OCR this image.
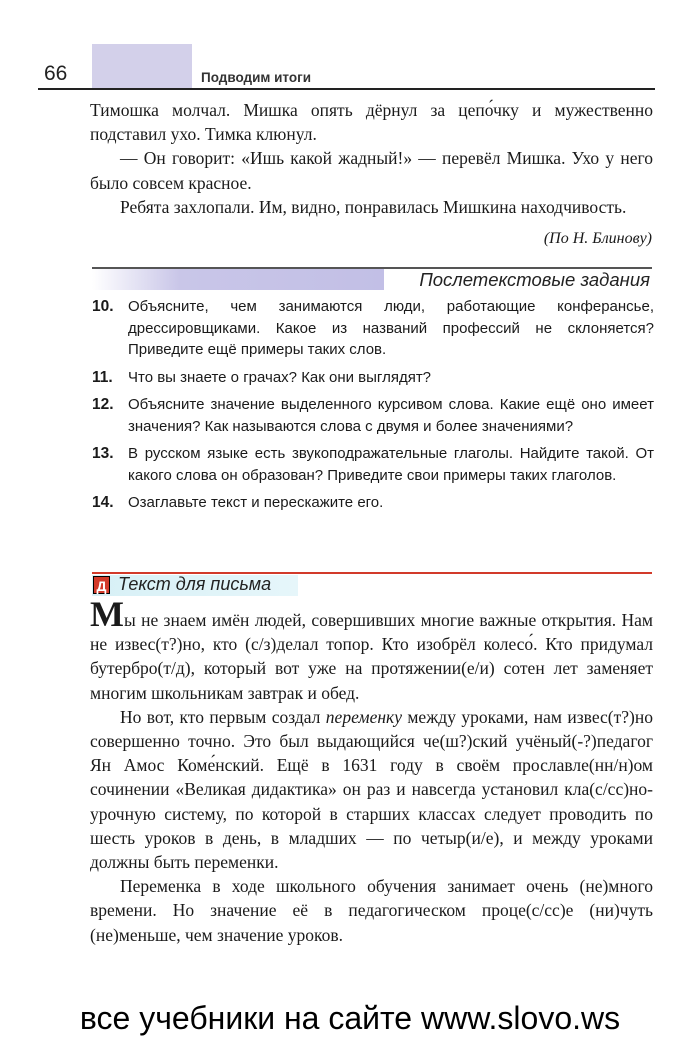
66	Подводим итоги

Тимошка молчал. Мишка опять дёрнул за цепо́чку и мужественно подставил ухо. Тимка клюнул.

— Он говорит: «Ишь какой жадный!» — перевёл Мишка. Ухо у него было совсем красное.

Ребята захлопали. Им, видно, понравилась Мишкина находчивость.

(По Н. Блинову)
Послетекстовые задания
10. Объясните, чем занимаются люди, работающие конферансье, дрессировщиками. Какое из названий профессий не склоняется? Приведите ещё примеры таких слов.
11. Что вы знаете о грачах? Как они выглядят?
12. Объясните значение выделенного курсивом слова. Какие ещё оно имеет значения? Как называются слова с двумя и более значениями?
13. В русском языке есть звукоподражательные глаголы. Найдите такой. От какого слова он образован? Приведите свои примеры таких глаголов.
14. Озаглавьте текст и перескажите его.
Д Текст для письма

Мы не знаем имён людей, совершивших многие важные открытия. Нам не извес(т?)но, кто (с/з)делал топор. Кто изобрёл колесо́. Кто придумал бутербро(т/д), который вот уже на протяжении(е/и) сотен лет заменяет многим школьникам завтрак и обед.

Но вот, кто первым создал переменку между уроками, нам извес(т?)но совершенно точно. Это был выдающийся че(ш?)ский учёный(-?)педагог Ян Амос Коме́нский. Ещё в 1631 году в своём прославле(нн/н)ом сочинении «Великая дидактика» он раз и навсегда установил кла(с/сс)но-урочную систему, по которой в старших классах следует проводить по шесть уроков в день, в младших — по четыр(и/е), и между уроками должны быть переменки.

Переменка в ходе школьного обучения занимает очень (не)много времени. Но значение её в педагогическом проце(с/сс)е (ни)чуть (не)меньше, чем значение уроков.

все учебники на сайте www.slovo.ws
